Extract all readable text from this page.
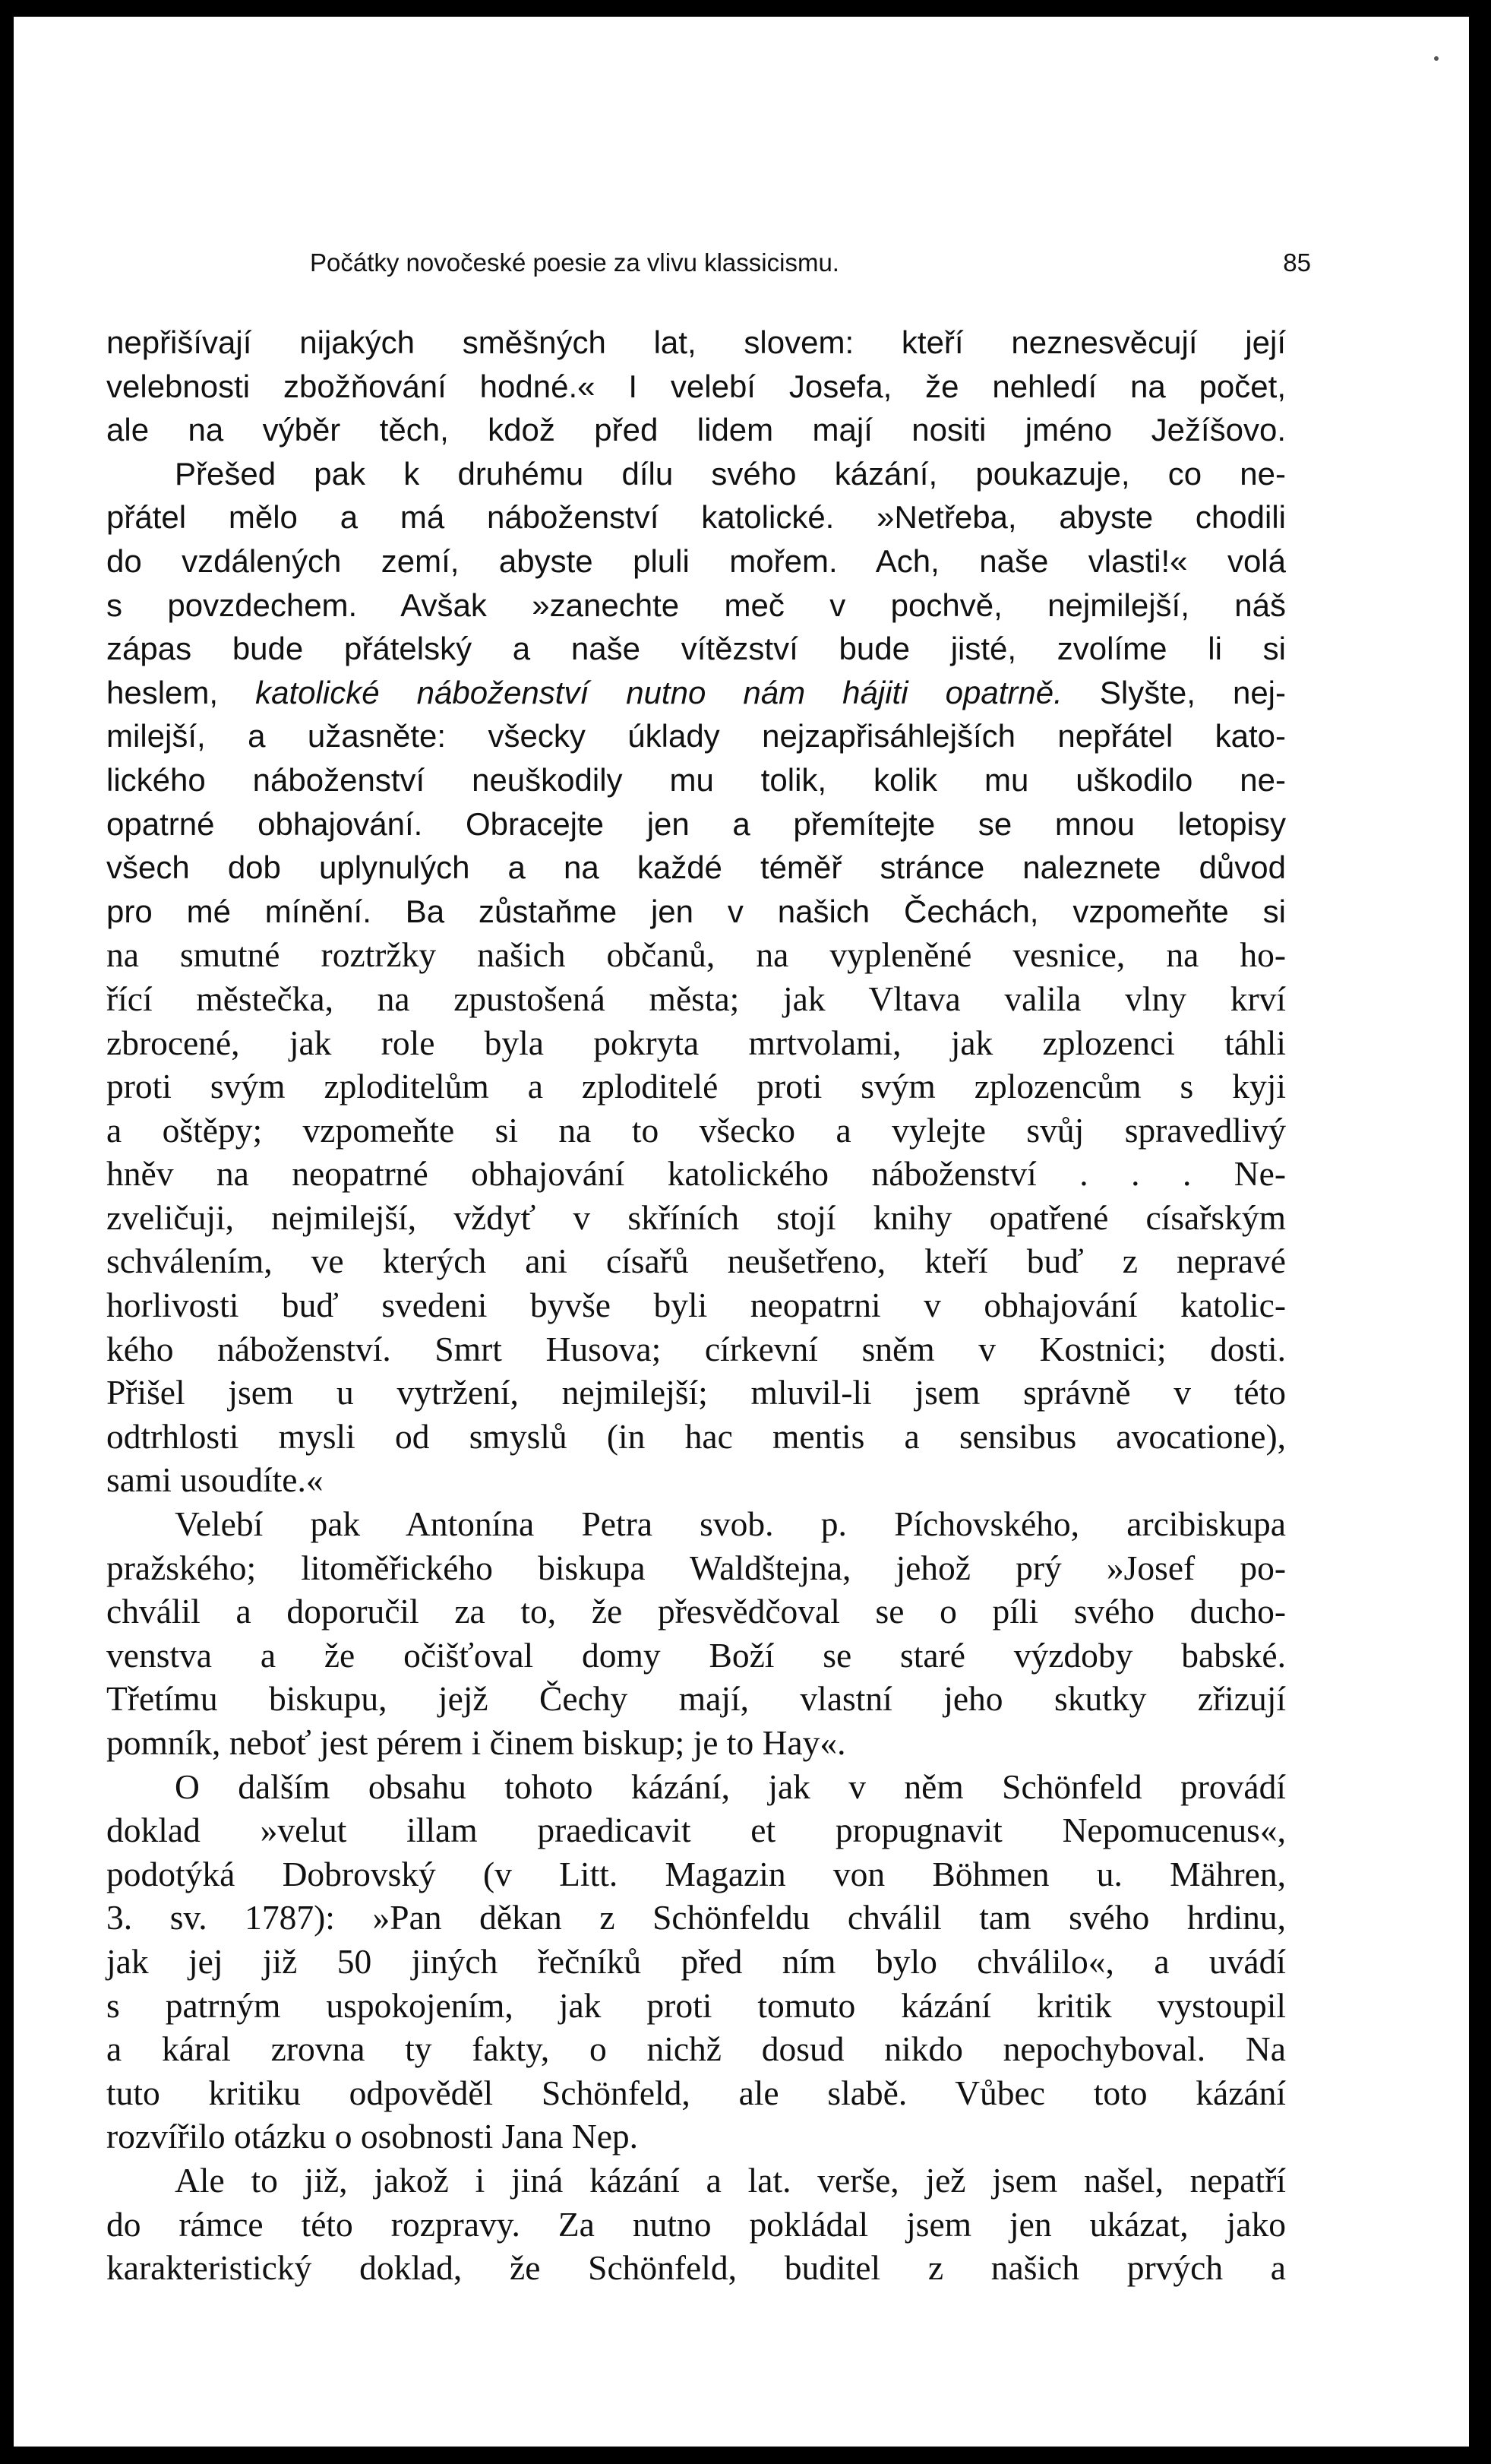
Počátky novočeské poesie za vlivu klassicismu.	85
nepřišívají nijakých směšných lat, slovem: kteří neznesvěcují její
velebnosti zbožňování hodné.« I velebí Josefa, že nehledí na počet,
ale na výběr těch, kdož před lidem mají nositi jméno Ježíšovo.
Přešed pak k druhému dílu svého kázání, poukazuje, co ne-
přátel mělo a má náboženství katolické. »Netřeba, abyste chodili
do vzdálených zemí, abyste pluli mořem. Ach, naše vlasti!« volá
s povzdechem. Avšak »zanechte meč v pochvě, nejmilejší, náš
zápas bude přátelský a naše vítězství bude jisté, zvolíme li si
heslem, katolické náboženství nutno nám hájiti opatrně. Slyšte, nej-
milejší, a užasněte: všecky úklady nejzapřisáhlejších nepřátel kato-
lického náboženství neuškodily mu tolik, kolik mu uškodilo ne-
opatrné obhajování. Obracejte jen a přemítejte se mnou letopisy
všech dob uplynulých a na každé téměř stránce naleznete důvod
pro mé mínění. Ba zůstaňme jen v našich Čechách, vzpomeňte si
na smutné roztržky našich občanů, na vypleněné vesnice, na ho-
řící městečka, na zpustošená města; jak Vltava valila vlny krví
zbrocené, jak role byla pokryta mrtvolami, jak zplozenci táhli
proti svým zploditelům a zploditelé proti svým zplozencům s kyji
a oštěpy; vzpomeňte si na to všecko a vylejte svůj spravedlivý
hněv na neopatrné obhajování katolického náboženství . . . Ne-
zveličuji, nejmilejší, vždyť v skříních stojí knihy opatřené císařským
schválením, ve kterých ani císařů neušetřeno, kteří buď z nepravé
horlivosti buď svedeni byvše byli neopatrni v obhajování katolic-
kého náboženství. Smrt Husova; církevní sněm v Kostnici; dosti.
Přišel jsem u vytržení, nejmilejší; mluvil-li jsem správně v této
odtrhlosti mysli od smyslů (in hac mentis a sensibus avocatione),
sami usoudíte.«
Velebí pak Antonína Petra svob. p. Píchovského, arcibiskupa
pražského; litoměřického biskupa Waldštejna, jehož prý »Josef po-
chválil a doporučil za to, že přesvědčoval se o píli svého ducho-
venstva a že očišťoval domy Boží se staré výzdoby babské.
Třetímu biskupu, jejž Čechy mají, vlastní jeho skutky zřizují
pomník, neboť jest pérem i činem biskup; je to Hay«.
O dalším obsahu tohoto kázání, jak v něm Schönfeld provádí
doklad »velut illam praedicavit et propugnavit Nepomucenus«,
podotýká Dobrovský (v Litt. Magazin von Böhmen u. Mähren,
3. sv. 1787): »Pan děkan z Schönfeldu chválil tam svého hrdinu,
jak jej již 50 jiných řečníků před ním bylo chválilo«, a uvádí
s patrným uspokojením, jak proti tomuto kázání kritik vystoupil
a káral zrovna ty fakty, o nichž dosud nikdo nepochyboval. Na
tuto kritiku odpověděl Schönfeld, ale slabě. Vůbec toto kázání
rozvířilo otázku o osobnosti Jana Nep.
Ale to již, jakož i jiná kázání a lat. verše, jež jsem našel, nepatří
do rámce této rozpravy. Za nutno pokládal jsem jen ukázat, jako
karakteristický doklad, že Schönfeld, buditel z našich prvých a
